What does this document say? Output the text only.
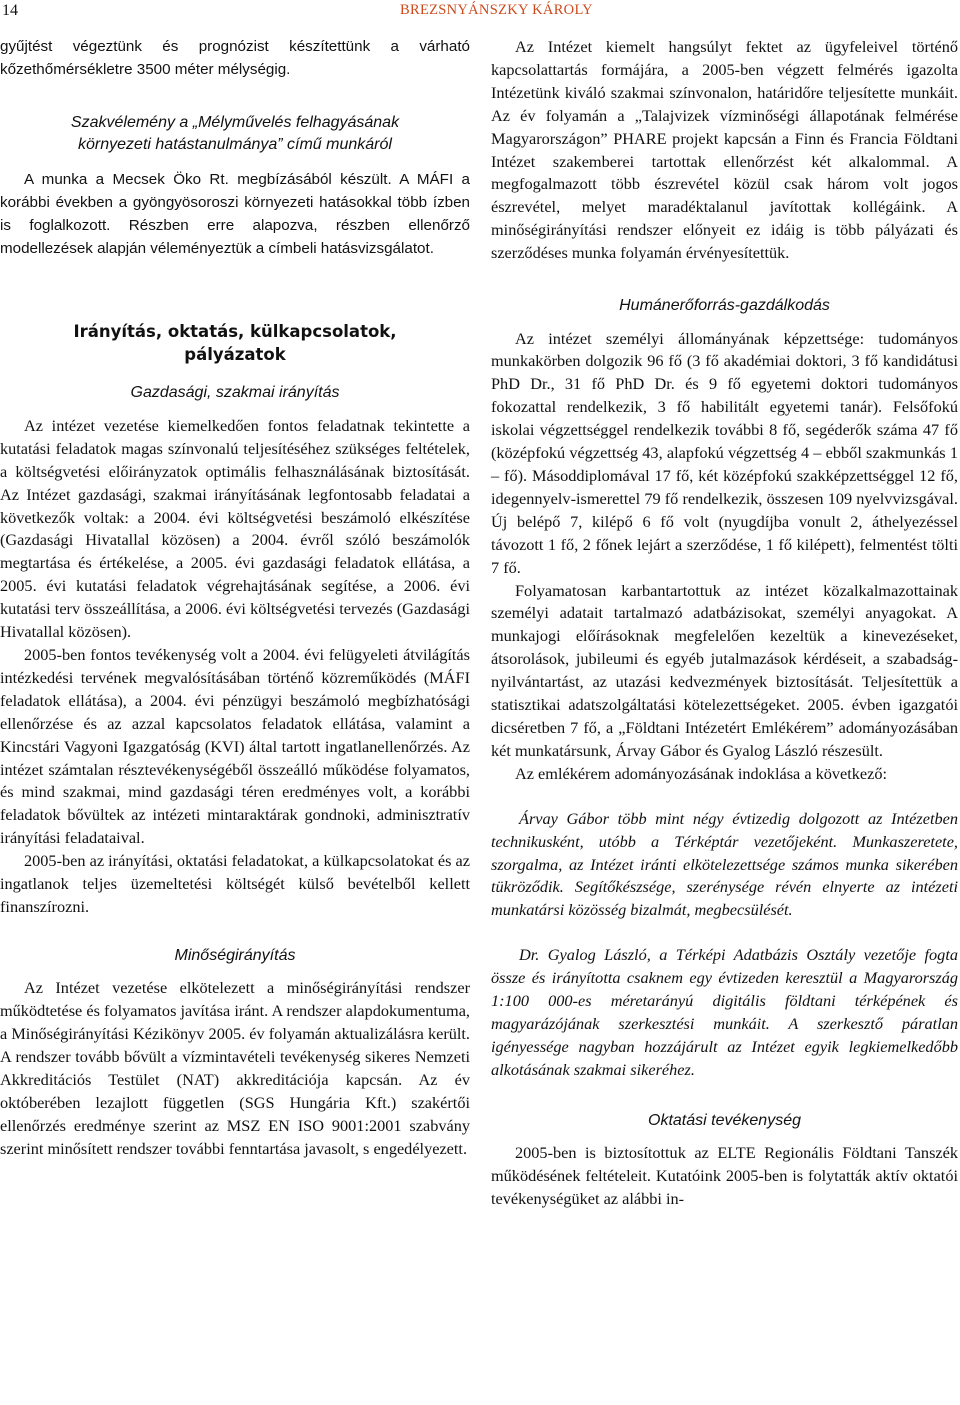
14	BREZSNYÁNSZKY KÁROLY

gyűjtést végeztünk és prognózist készítettünk a várható kőzethőmérsékletre 3500 méter mélységig.

Szakvélemény a „Mélyművelés felhagyásának környezeti hatástanulmánya” című munkáról

A munka a Mecsek Öko Rt. megbízásából készült. A MÁFI a korábbi években a gyöngyösoroszi környezeti hatásokkal több ízben is foglalkozott. Részben erre alapozva, részben ellenőrző modellezések alapján véleményeztük a címbeli hatásvizsgálatot.

Irányítás, oktatás, külkapcsolatok, pályázatok

Gazdasági, szakmai irányítás

Az intézet vezetése kiemelkedően fontos feladatnak tekintette a kutatási feladatok magas színvonalú teljesítéséhez szükséges feltételek, a költségvetési előirányzatok optimális felhasználásának biztosítását. Az Intézet gazdasági, szakmai irányításának legfontosabb feladatai a következők voltak: a 2004. évi költségvetési beszámoló elkészítése (Gazdasági Hivatallal közösen) a 2004. évről szóló beszámolók megtartása és értékelése, a 2005. évi gazdasági feladatok ellátása, a 2005. évi kutatási feladatok végrehajtásának segítése, a 2006. évi kutatási terv összeállítása, a 2006. évi költségvetési tervezés (Gazdasági Hivatallal közösen).

2005-ben fontos tevékenység volt a 2004. évi felügyeleti átvilágítás intézkedési tervének megvalósításában történő közreműködés (MÁFI feladatok ellátása), a 2004. évi pénzügyi beszámoló megbízhatósági ellenőrzése és az azzal kapcsolatos feladatok ellátása, valamint a Kincstári Vagyoni Igazgatóság (KVI) által tartott ingatlanellenőrzés. Az intézet számtalan résztevékenységéből összeálló működése folyamatos, és mind szakmai, mind gazdasági téren eredményes volt, a korábbi feladatok bővültek az intézeti mintaraktárak gondnoki, adminisztratív irányítási feladataival.

2005-ben az irányítási, oktatási feladatokat, a külkapcsolatokat és az ingatlanok teljes üzemeltetési költségét külső bevételből kellett finanszírozni.

Minőségirányítás

Az Intézet vezetése elkötelezett a minőségirányítási rendszer működtetése és folyamatos javítása iránt. A rendszer alapdokumentuma, a Minőségirányítási Kézikönyv 2005. év folyamán aktualizálásra került. A rendszer tovább bővült a vízmintavételi tevékenység sikeres Nemzeti Akkreditációs Testület (NAT) akkreditációja kapcsán. Az év októberében lezajlott független (SGS Hungária Kft.) szakértői ellenőrzés eredménye szerint az MSZ EN ISO 9001:2001 szabvány szerint minősített rendszer további fenntartása javasolt, s engedélyezett.

Az Intézet kiemelt hangsúlyt fektet az ügyfeleivel történő kapcsolattartás formájára, a 2005-ben végzett felmérés igazolta Intézetünk kiváló szakmai színvonalon, határidőre teljesítette munkáit. Az év folyamán a „Talajvizek vízminőségi állapotának felmérése Magyarországon” PHARE projekt kapcsán a Finn és Francia Földtani Intézet szakemberei tartottak ellenőrzést két alkalommal. A megfogalmazott több észrevétel közül csak három volt jogos észrevétel, melyet maradéktalanul javítottak kollégáink. A minőségirányítási rendszer előnyeit ez idáig is több pályázati és szerződéses munka folyamán érvényesítettük.

Humánerőforrás-gazdálkodás

Az intézet személyi állományának képzettsége: tudományos munkakörben dolgozik 96 fő (3 fő akadémiai doktori, 3 fő kandidátusi PhD Dr., 31 fő PhD Dr. és 9 fő egyetemi doktori tudományos fokozattal rendelkezik, 3 fő habilitált egyetemi tanár). Felsőfokú iskolai végzettséggel rendelkezik további 8 fő, segéderők száma 47 fő (középfokú végzettség 43, alapfokú végzettség 4 – ebből szakmunkás 1 – fő). Másoddiplomával 17 fő, két középfokú szakképzettséggel 12 fő, idegennyelv-ismerettel 79 fő rendelkezik, összesen 109 nyelvvizsgával. Új belépő 7, kilépő 6 fő volt (nyugdíjba vonult 2, áthelyezéssel távozott 1 fő, 2 főnek lejárt a szerződése, 1 fő kilépett), felmentést tölti 7 fő.

Folyamatosan karbantartottuk az intézet közalkalmazottainak személyi adatait tartalmazó adatbázisokat, személyi anyagokat. A munkajogi előírásoknak megfelelően kezeltük a kinevezéseket, átsorolások, jubileumi és egyéb jutalmazások kérdéseit, a szabadság-nyilvántartást, az utazási kedvezmények biztosítását. Teljesítettük a statisztikai adatszolgáltatási kötelezettségeket. 2005. évben igazgatói dicséretben 7 fő, a „Földtani Intézetért Emlékérem” adományozásában két munkatársunk, Árvay Gábor és Gyalog László részesült.

Az emlékérem adományozásának indoklása a következő:

Árvay Gábor több mint négy évtizedig dolgozott az Intézetben technikusként, utóbb a Térképtár vezetőjeként. Munkaszeretete, szorgalma, az Intézet iránti elkötelezettsége számos munka sikerében tükröződik. Segítőkészsége, szerénysége révén elnyerte az intézeti munkatársi közösség bizalmát, megbecsülését.

Dr. Gyalog László, a Térképi Adatbázis Osztály vezetője fogta össze és irányította csaknem egy évtizeden keresztül a Magyarország 1:100 000-es méretarányú digitális földtani térképének és magyarázójának szerkesztési munkáit. A szerkesztő páratlan igényessége nagyban hozzájárult az Intézet egyik legkiemelkedőbb alkotásának szakmai sikeréhez.

Oktatási tevékenység

2005-ben is biztosítottuk az ELTE Regionális Földtani Tanszék működésének feltételeit. Kutatóink 2005-ben is folytatták aktív oktatói tevékenységüket az alábbi in-
